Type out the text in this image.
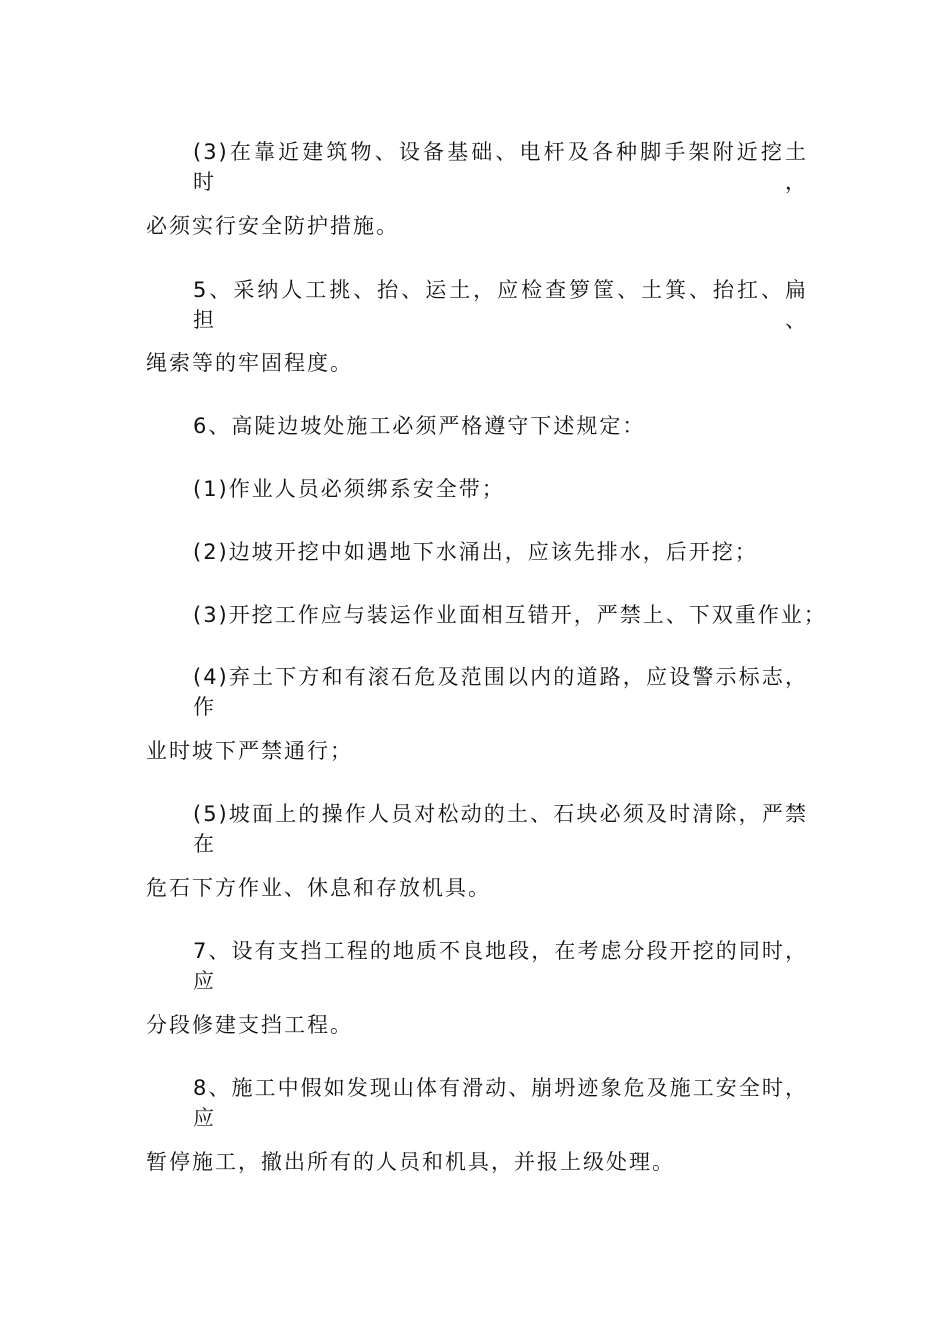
(3)在靠近建筑物、设备基础、电杆及各种脚手架附近挖土时，
必须实行安全防护措施。
5、采纳人工挑、抬、运土，应检查箩筐、土箕、抬扛、扁担、
绳索等的牢固程度。
6、高陡边坡处施工必须严格遵守下述规定：
(1)作业人员必须绑系安全带；
(2)边坡开挖中如遇地下水涌出，应该先排水，后开挖；
(3)开挖工作应与装运作业面相互错开，严禁上、下双重作业；
(4)弃土下方和有滚石危及范围以内的道路，应设警示标志，作
业时坡下严禁通行；
(5)坡面上的操作人员对松动的土、石块必须及时清除，严禁在
危石下方作业、休息和存放机具。
7、设有支挡工程的地质不良地段，在考虑分段开挖的同时，应
分段修建支挡工程。
8、施工中假如发现山体有滑动、崩坍迹象危及施工安全时，应
暂停施工，撤出所有的人员和机具，并报上级处理。
